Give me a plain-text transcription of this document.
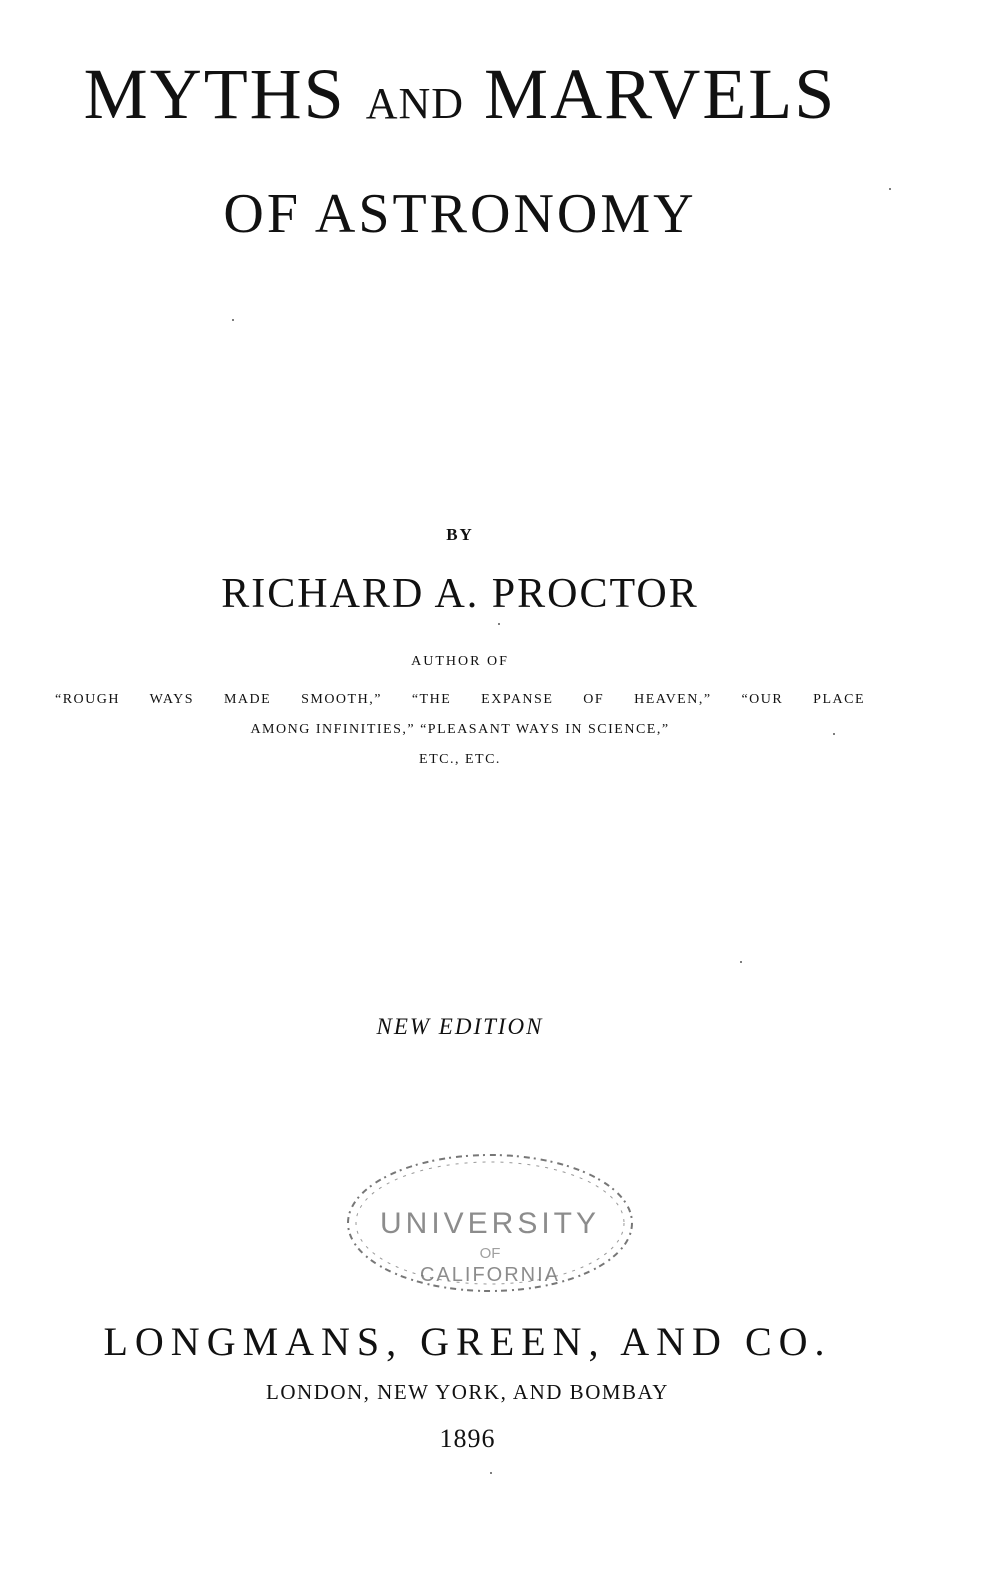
MYTHS AND MARVELS
OF ASTRONOMY
BY
RICHARD A. PROCTOR
AUTHOR OF
“ROUGH WAYS MADE SMOOTH,” “THE EXPANSE OF HEAVEN,” “OUR PLACE
AMONG INFINITIES,” “PLEASANT WAYS IN SCIENCE,”
ETC., ETC.
NEW EDITION
UNIVERSITY
OF
CALIFORNIA
LONGMANS, GREEN, AND CO.
LONDON, NEW YORK, AND BOMBAY
1896
